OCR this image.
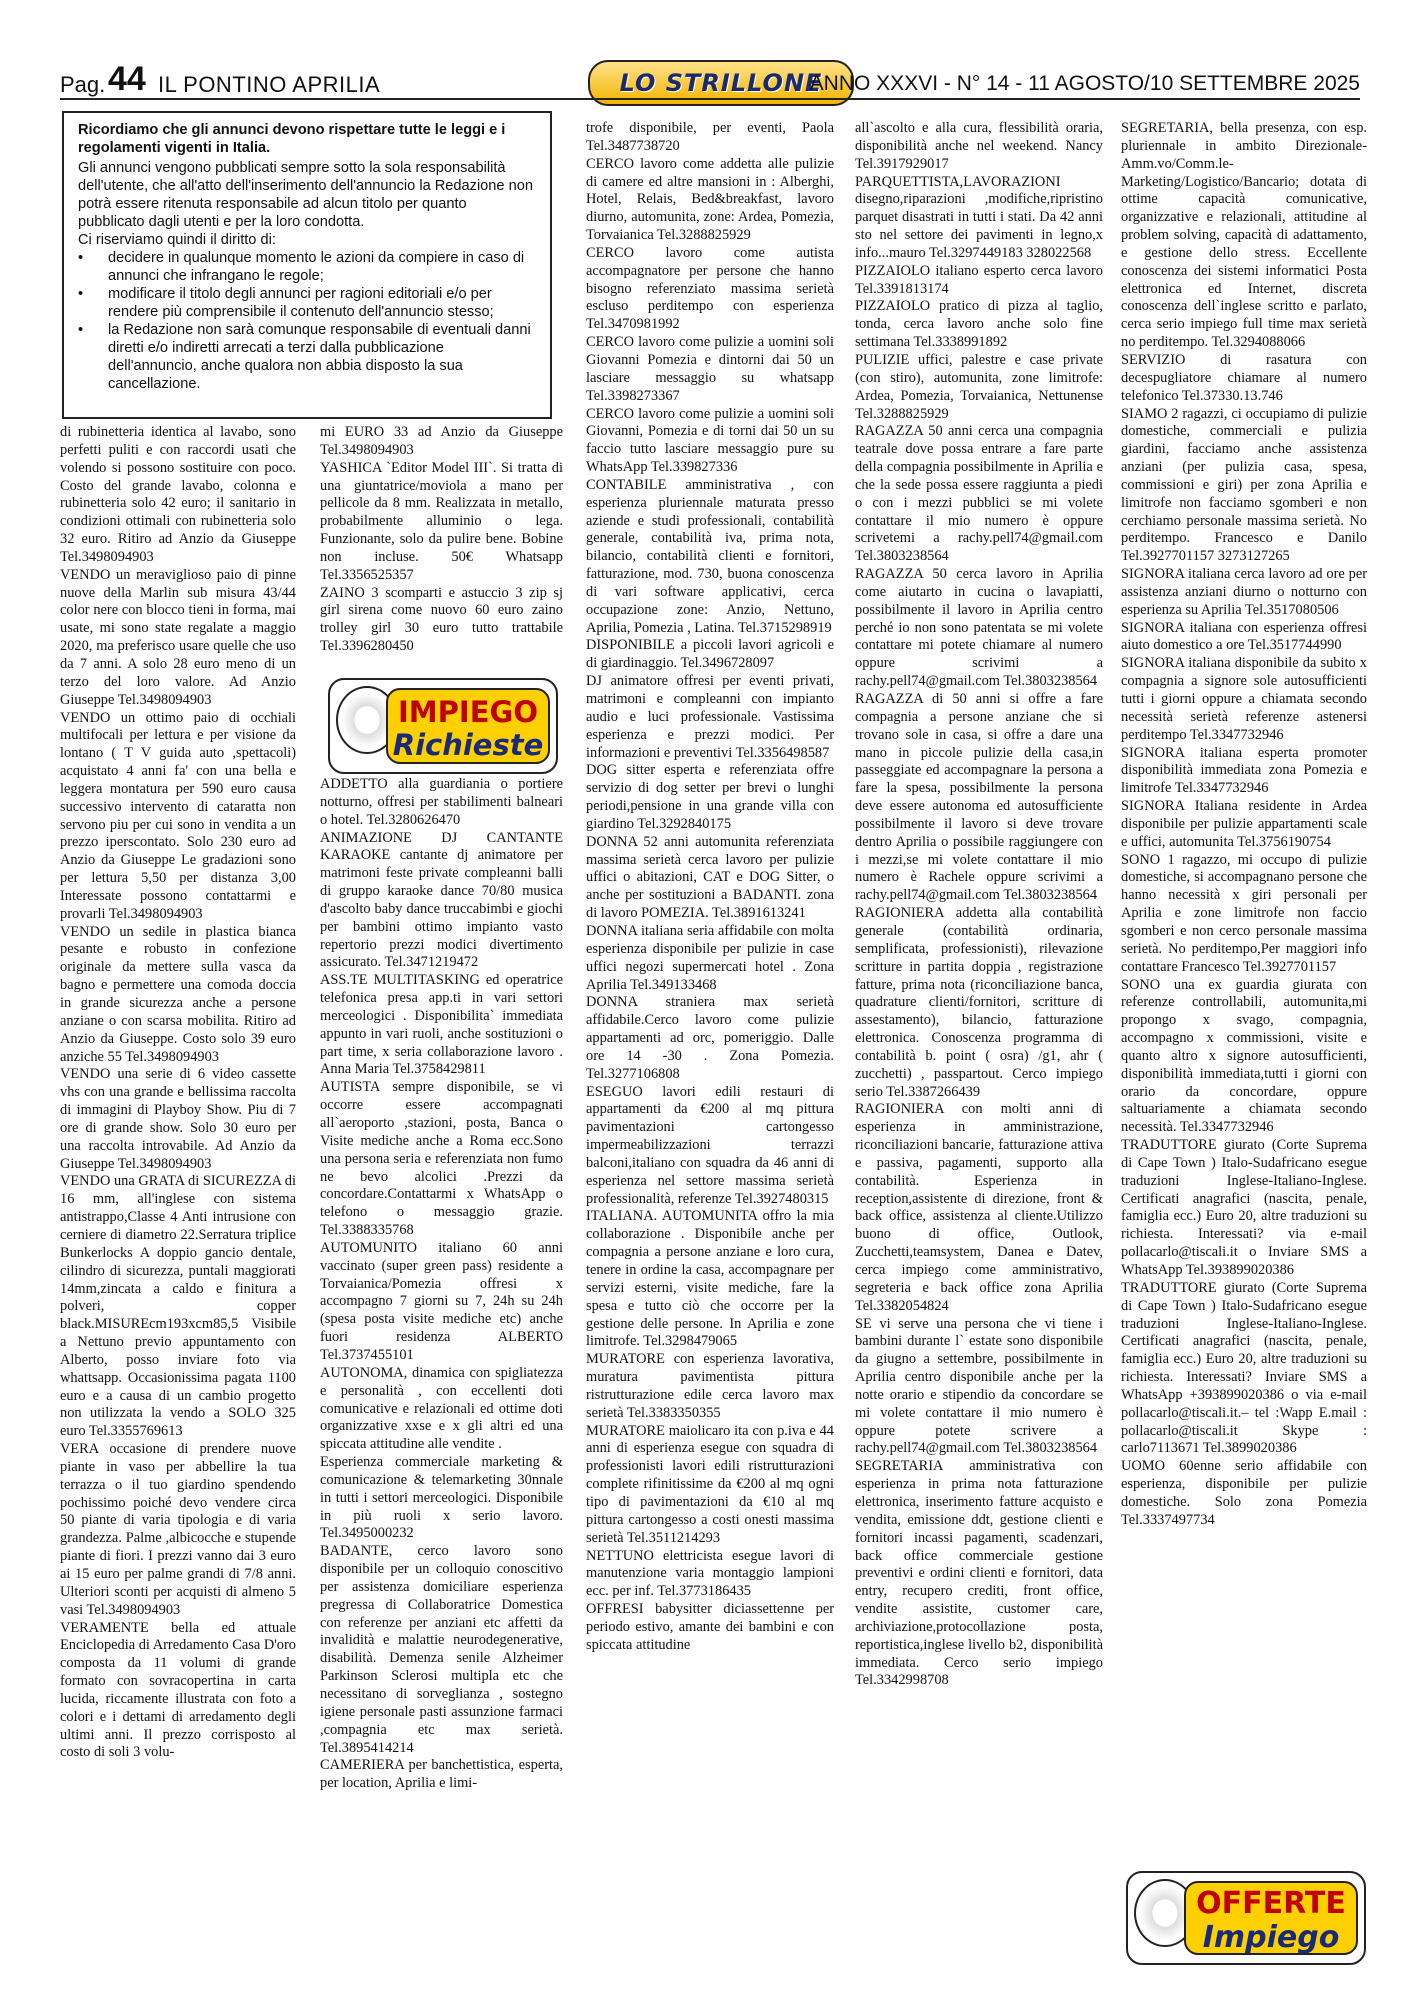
Pag. 44 IL PONTINO APRILIA	LO STRILLONE
ANNO XXXVI - N° 14 - 11 AGOSTO/10 SETTEMBRE 2025

Ricordiamo che gli annunci devono rispettare tutte le leggi e i regolamenti vigenti in Italia.

Gli annunci vengono pubblicati sempre sotto la sola responsabilità dell'utente, che all'atto dell'inserimento dell'annuncio la Redazione non potrà essere ritenuta responsabile ad alcun titolo per quanto pubblicato dagli utenti e per la loro condotta.

Ci riserviamo quindi il diritto di:

•	decidere in qualunque momento le azioni da compiere in caso di annunci che infrangano le regole;
•	modificare il titolo degli annunci per ragioni editoriali e/o per rendere più comprensibile il contenuto dell'annuncio stesso;
•	la Redazione non sarà comunque responsabile di eventuali danni diretti e/o indiretti arrecati a terzi dalla pubblicazione dell'annuncio, anche qualora non abbia disposto la sua cancellazione.

di rubinetteria identica al lavabo, sono perfetti puliti e con raccordi usati che volendo si possono sostituire con poco. Costo del grande lavabo, colonna e rubinetteria solo 42 euro; il sanitario in condizioni ottimali con rubinetteria solo 32 euro. Ritiro ad Anzio da Giuseppe Tel.3498094903

VENDO un meraviglioso paio di pinne nuove della Marlin sub misura 43/44 color nere con blocco tieni in forma, mai usate, mi sono state regalate a maggio 2020, ma preferisco usare quelle che uso da 7 anni. A solo 28 euro meno di un terzo del loro valore. Ad Anzio Giuseppe Tel.3498094903

VENDO un ottimo paio di occhiali multifocali per lettura e per visione da lontano ( T V guida auto ,spettacoli) acquistato 4 anni fa' con una bella e leggera montatura per 590 euro causa successivo intervento di cataratta non servono piu per cui sono in vendita a un prezzo iperscontato. Solo 230 euro ad Anzio da Giuseppe Le gradazioni sono per lettura 5,50 per distanza 3,00 Interessate possono contattarmi e provarli Tel.3498094903

VENDO un sedile in plastica bianca pesante e robusto in confezione originale da mettere sulla vasca da bagno e permettere una comoda doccia in grande sicurezza anche a persone anziane o con scarsa mobilita. Ritiro ad Anzio da Giuseppe. Costo solo 39 euro anziche 55 Tel.3498094903

VENDO una serie di 6 video cassette vhs con una grande e bellissima raccolta di immagini di Playboy Show. Piu di 7 ore di grande show. Solo 30 euro per una raccolta introvabile. Ad Anzio da Giuseppe Tel.3498094903

VENDO una GRATA di SICUREZZA di 16 mm, all'inglese con sistema antistrappo,Classe 4 Anti intrusione con cerniere di diametro 22.Serratura triplice Bunkerlocks A doppio gancio dentale, cilindro di sicurezza, puntali maggiorati 14mm,zincata a caldo e finitura a polveri, copper black.MISUREcm193xcm85,5 Visibile a Nettuno previo appuntamento con Alberto, posso inviare foto via whattsapp. Occasionissima pagata 1100 euro e a causa di un cambio progetto non utilizzata la vendo a SOLO 325 euro Tel.3355769613

VERA occasione di prendere nuove piante in vaso per abbellire la tua terrazza o il tuo giardino spendendo pochissimo poiché devo vendere circa 50 piante di varia tipologia e di varia grandezza. Palme ,albicocche e stupende piante di fiori. I prezzi vanno dai 3 euro ai 15 euro per palme grandi di 7/8 anni. Ulteriori sconti per acquisti di almeno 5 vasi Tel.3498094903

VERAMENTE bella ed attuale Enciclopedia di Arredamento Casa D'oro composta da 11 volumi di grande formato con sovracopertina in carta lucida, riccamente illustrata con foto a colori e i dettami di arredamento degli ultimi anni. Il prezzo corrisposto al costo di soli 3 volu-

mi EURO 33 ad Anzio da Giuseppe Tel.3498094903

YASHICA `Editor Model III`. Si tratta di una giuntatrice/moviola a mano per pellicole da 8 mm. Realizzata in metallo, probabilmente alluminio o lega. Funzionante, solo da pulire bene. Bobine non incluse. 50€ Whatsapp Tel.3356525357

ZAINO 3 scomparti e astuccio 3 zip sj girl sirena come nuovo 60 euro zaino trolley girl 30 euro tutto trattabile Tel.3396280450

ADDETTO alla guardiania o portiere notturno, offresi per stabilimenti balneari o hotel. Tel.3280626470

ANIMAZIONE DJ CANTANTE KARAOKE cantante dj animatore per matrimoni feste private compleanni balli di gruppo karaoke dance 70/80 musica d'ascolto baby dance truccabimbi e giochi per bambini ottimo impianto vasto repertorio prezzi modici divertimento assicurato. Tel.3471219472

ASS.TE MULTITASKING ed operatrice telefonica presa app.ti in vari settori merceologici . Disponibilita` immediata appunto in vari ruoli, anche sostituzioni o part time, x seria collaborazione lavoro . Anna Maria Tel.3758429811

AUTISTA sempre disponibile, se vi occorre essere accompagnati all`aeroporto ,stazioni, posta, Banca o Visite mediche anche a Roma ecc.Sono una persona seria e referenziata non fumo ne bevo alcolici .Prezzi da concordare.Contattarmi x WhatsApp o telefono o messaggio grazie. Tel.3388335768

AUTOMUNITO italiano 60 anni vaccinato (super green pass) residente a Torvaianica/Pomezia offresi x accompagno 7 giorni su 7, 24h su 24h (spesa posta visite mediche etc) anche fuori residenza ALBERTO Tel.3737455101

AUTONOMA, dinamica con spigliatezza e personalità , con eccellenti doti comunicative e relazionali ed ottime doti organizzative xxse e x gli altri ed una spiccata attitudine alle vendite .

Esperienza commerciale marketing & comunicazione & telemarketing 30nnale in tutti i settori merceologici. Disponibile in più ruoli x serio lavoro. Tel.3495000232

BADANTE, cerco lavoro sono disponibile per un colloquio conoscitivo per assistenza domiciliare esperienza pregressa di Collaboratrice Domestica con referenze per anziani etc affetti da invalidità e malattie neurodegenerative, disabilità. Demenza senile Alzheimer Parkinson Sclerosi multipla etc che necessitano di sorveglianza , sostegno igiene personale pasti assunzione farmaci ,compagnia etc max serietà. Tel.3895414214

CAMERIERA per banchettistica, esperta, per location, Aprilia e limi-

IMPIEGO
Richieste

trofe disponibile, per eventi, Paola Tel.3487738720

CERCO lavoro come addetta alle pulizie di camere ed altre mansioni in : Alberghi, Hotel, Relais, Bed&breakfast, lavoro diurno, automunita, zone: Ardea, Pomezia, Torvaianica Tel.3288825929

CERCO lavoro come autista accompagnatore per persone che hanno bisogno referenziato massima serietà escluso perditempo con esperienza Tel.3470981992

CERCO lavoro come pulizie a uomini soli Giovanni Pomezia e dintorni dai 50 un lasciare messaggio su whatsapp Tel.3398273367

CERCO lavoro come pulizie a uomini soli Giovanni, Pomezia e di torni dai 50 un su faccio tutto lasciare messaggio pure su WhatsApp Tel.339827336

CONTABILE amministrativa , con esperienza pluriennale maturata presso aziende e studi professionali, contabilità generale, contabilità iva, prima nota, bilancio, contabilità clienti e fornitori, fatturazione, mod. 730, buona conoscenza di vari software applicativi, cerca occupazione zone: Anzio, Nettuno, Aprilia, Pomezia , Latina. Tel.3715298919

DISPONIBILE a piccoli lavori agricoli e di giardinaggio. Tel.3496728097

DJ animatore offresi per eventi privati, matrimoni e compleanni con impianto audio e luci professionale. Vastissima esperienza e prezzi modici. Per informazioni e preventivi Tel.3356498587

DOG sitter esperta e referenziata offre servizio di dog setter per brevi o lunghi periodi,pensione in una grande villa con giardino Tel.3292840175

DONNA 52 anni automunita referenziata massima serietà cerca lavoro per pulizie uffici o abitazioni, CAT e DOG Sitter, o anche per sostituzioni a BADANTI. zona di lavoro POMEZIA. Tel.3891613241

DONNA italiana seria affidabile con molta esperienza disponibile per pulizie in case uffici negozi supermercati hotel . Zona Aprilia Tel.349133468

DONNA straniera max serietà affidabile.Cerco lavoro come pulizie appartamenti ad orc, pomeriggio. Dalle ore 14 -30 . Zona Pomezia. Tel.3277106808

ESEGUO lavori edili restauri di appartamenti da €200 al mq pittura pavimentazioni cartongesso impermeabilizzazioni terrazzi balconi,italiano con squadra da 46 anni di esperienza nel settore massima serietà professionalità, referenze Tel.3927480315

ITALIANA. AUTOMUNITA offro la mia collaborazione . Disponibile anche per compagnia a persone anziane e loro cura, tenere in ordine la casa, accompagnare per servizi esterni, visite mediche, fare la spesa e tutto ciò che occorre per la gestione delle persone. In Aprilia e zone limitrofe. Tel.3298479065

MURATORE con esperienza lavorativa, muratura pavimentista pittura ristrutturazione edile cerca lavoro max serietà Tel.3383350355

MURATORE maiolicaro ita con p.iva e 44 anni di esperienza esegue con squadra di professionisti lavori edili ristrutturazioni complete rifinitissime da €200 al mq ogni tipo di pavimentazioni da €10 al mq pittura cartongesso a costi onesti massima serietà Tel.3511214293

NETTUNO elettricista esegue lavori di manutenzione varia montaggio lampioni ecc. per inf. Tel.3773186435

OFFRESI babysitter diciassettenne per periodo estivo, amante dei bambini e con spiccata attitudine

all`ascolto e alla cura, flessibilità oraria, disponibilità anche nel weekend. Nancy Tel.3917929017

PARQUETTISTA,LAVORAZIONI disegno,riparazioni ,modifiche,ripristino parquet disastrati in tutti i stati. Da 42 anni sto nel settore dei pavimenti in legno,x info...mauro Tel.3297449183 328022568

PIZZAIOLO italiano esperto cerca lavoro Tel.3391813174

PIZZAIOLO pratico di pizza al taglio, tonda, cerca lavoro anche solo fine settimana Tel.3338991892

PULIZIE uffici, palestre e case private (con stiro), automunita, zone limitrofe: Ardea, Pomezia, Torvaianica, Nettunense Tel.3288825929

RAGAZZA 50 anni cerca una compagnia teatrale dove possa entrare a fare parte della compagnia possibilmente in Aprilia e che la sede possa essere raggiunta a piedi o con i mezzi pubblici se mi volete contattare il mio numero è oppure scrivetemi a rachy.pell74@gmail.com Tel.3803238564

RAGAZZA 50 cerca lavoro in Aprilia come aiutarto in cucina o lavapiatti, possibilmente il lavoro in Aprilia centro perché io non sono patentata se mi volete contattare mi potete chiamare al numero oppure scrivimi a rachy.pell74@gmail.com Tel.3803238564

RAGAZZA di 50 anni si offre a fare compagnia a persone anziane che si trovano sole in casa, si offre a dare una mano in piccole pulizie della casa,in passeggiate ed accompagnare la persona a fare la spesa, possibilmente la persona deve essere autonoma ed autosufficiente possibilmente il lavoro si deve trovare dentro Aprilia o possibile raggiungere con i mezzi,se mi volete contattare il mio numero è Rachele oppure scrivimi a rachy.pell74@gmail.com Tel.3803238564

RAGIONIERA addetta alla contabilità generale (contabilità ordinaria, semplificata, professionisti), rilevazione scritture in partita doppia , registrazione fatture, prima nota (riconciliazione banca, quadrature clienti/fornitori, scritture di assestamento), bilancio, fatturazione elettronica. Conoscenza programma di contabilità b. point ( osra) /g1, ahr ( zucchetti) , passpartout. Cerco impiego serio Tel.3387266439

RAGIONIERA con molti anni di esperienza in amministrazione, riconciliazioni bancarie, fatturazione attiva e passiva, pagamenti, supporto alla contabilità. Esperienza in reception,assistente di direzione, front & back office, assistenza al cliente.Utilizzo buono di office, Outlook, Zucchetti,teamsystem, Danea e Datev, cerca impiego come amministrativo, segreteria e back office zona Aprilia Tel.3382054824

SE vi serve una persona che vi tiene i bambini durante l` estate sono disponibile da giugno a settembre, possibilmente in Aprilia centro disponibile anche per la notte orario e stipendio da concordare se mi volete contattare il mio numero è oppure potete scrivere a rachy.pell74@gmail.com Tel.3803238564

SEGRETARIA amministrativa con esperienza in prima nota fatturazione elettronica, inserimento fatture acquisto e vendita, emissione ddt, gestione clienti e fornitori incassi pagamenti, scadenzari, back office commerciale gestione preventivi e ordini clienti e fornitori, data entry, recupero crediti, front office, vendite assistite, customer care, archiviazione,protocollazione posta, reportistica,inglese livello b2, disponibilità immediata. Cerco serio impiego Tel.3342998708

SEGRETARIA, bella presenza, con esp. pluriennale in ambito Direzionale-Amm.vo/Comm.le-Marketing/Logistico/Bancario; dotata di ottime capacità comunicative, organizzative e relazionali, attitudine al problem solving, capacità di adattamento, e gestione dello stress. Eccellente conoscenza dei sistemi informatici Posta elettronica ed Internet, discreta conoscenza dell`inglese scritto e parlato, cerca serio impiego full time max serietà no perditempo. Tel.3294088066

SERVIZIO di rasatura con decespugliatore chiamare al numero telefonico Tel.37330.13.746

SIAMO 2 ragazzi, ci occupiamo di pulizie domestiche, commerciali e pulizia giardini, facciamo anche assistenza anziani (per pulizia casa, spesa, commissioni e giri) per zona Aprilia e limitrofe non facciamo sgomberi e non cerchiamo personale massima serietà. No perditempo. Francesco e Danilo Tel.3927701157 3273127265

SIGNORA italiana cerca lavoro ad ore per assistenza anziani diurno o notturno con esperienza su Aprilia Tel.3517080506

SIGNORA italiana con esperienza offresi aiuto domestico a ore Tel.3517744990

SIGNORA italiana disponibile da subito x compagnia a signore sole autosufficienti tutti i giorni oppure a chiamata secondo necessità serietà referenze astenersi perditempo Tel.3347732946

SIGNORA italiana esperta promoter disponibilità immediata zona Pomezia e limitrofe Tel.3347732946

SIGNORA Italiana residente in Ardea disponibile per pulizie appartamenti scale e uffici, automunita Tel.3756190754

SONO 1 ragazzo, mi occupo di pulizie domestiche, si accompagnano persone che hanno necessità x giri personali per Aprilia e zone limitrofe non faccio sgomberi e non cerco personale massima serietà. No perditempo,Per maggiori info contattare Francesco Tel.3927701157

SONO una ex guardia giurata con referenze controllabili, automunita,mi propongo x svago, compagnia, accompagno x commissioni, visite e quanto altro x signore autosufficienti, disponibilità immediata,tutti i giorni con orario da concordare, oppure saltuariamente a chiamata secondo necessità. Tel.3347732946

TRADUTTORE giurato (Corte Suprema di Cape Town ) Italo-Sudafricano esegue traduzioni Inglese-Italiano-Inglese. Certificati anagrafici (nascita, penale, famiglia ecc.) Euro 20, altre traduzioni su richiesta. Interessati? via e-mail pollacarlo@tiscali.it o Inviare SMS a WhatsApp Tel.393899020386

TRADUTTORE giurato (Corte Suprema di Cape Town ) Italo-Sudafricano esegue traduzioni Inglese-Italiano-Inglese. Certificati anagrafici (nascita, penale, famiglia ecc.) Euro 20, altre traduzioni su richiesta. Interessati? Inviare SMS a WhatsApp +393899020386 o via e-mail pollacarlo@tiscali.it.– tel :Wapp E.mail : pollacarlo@tiscali.it Skype : carlo7113671 Tel.3899020386

UOMO 60enne serio affidabile con esperienza, disponibile per pulizie domestiche. Solo zona Pomezia Tel.3337497734

OFFERTE
Impiego
